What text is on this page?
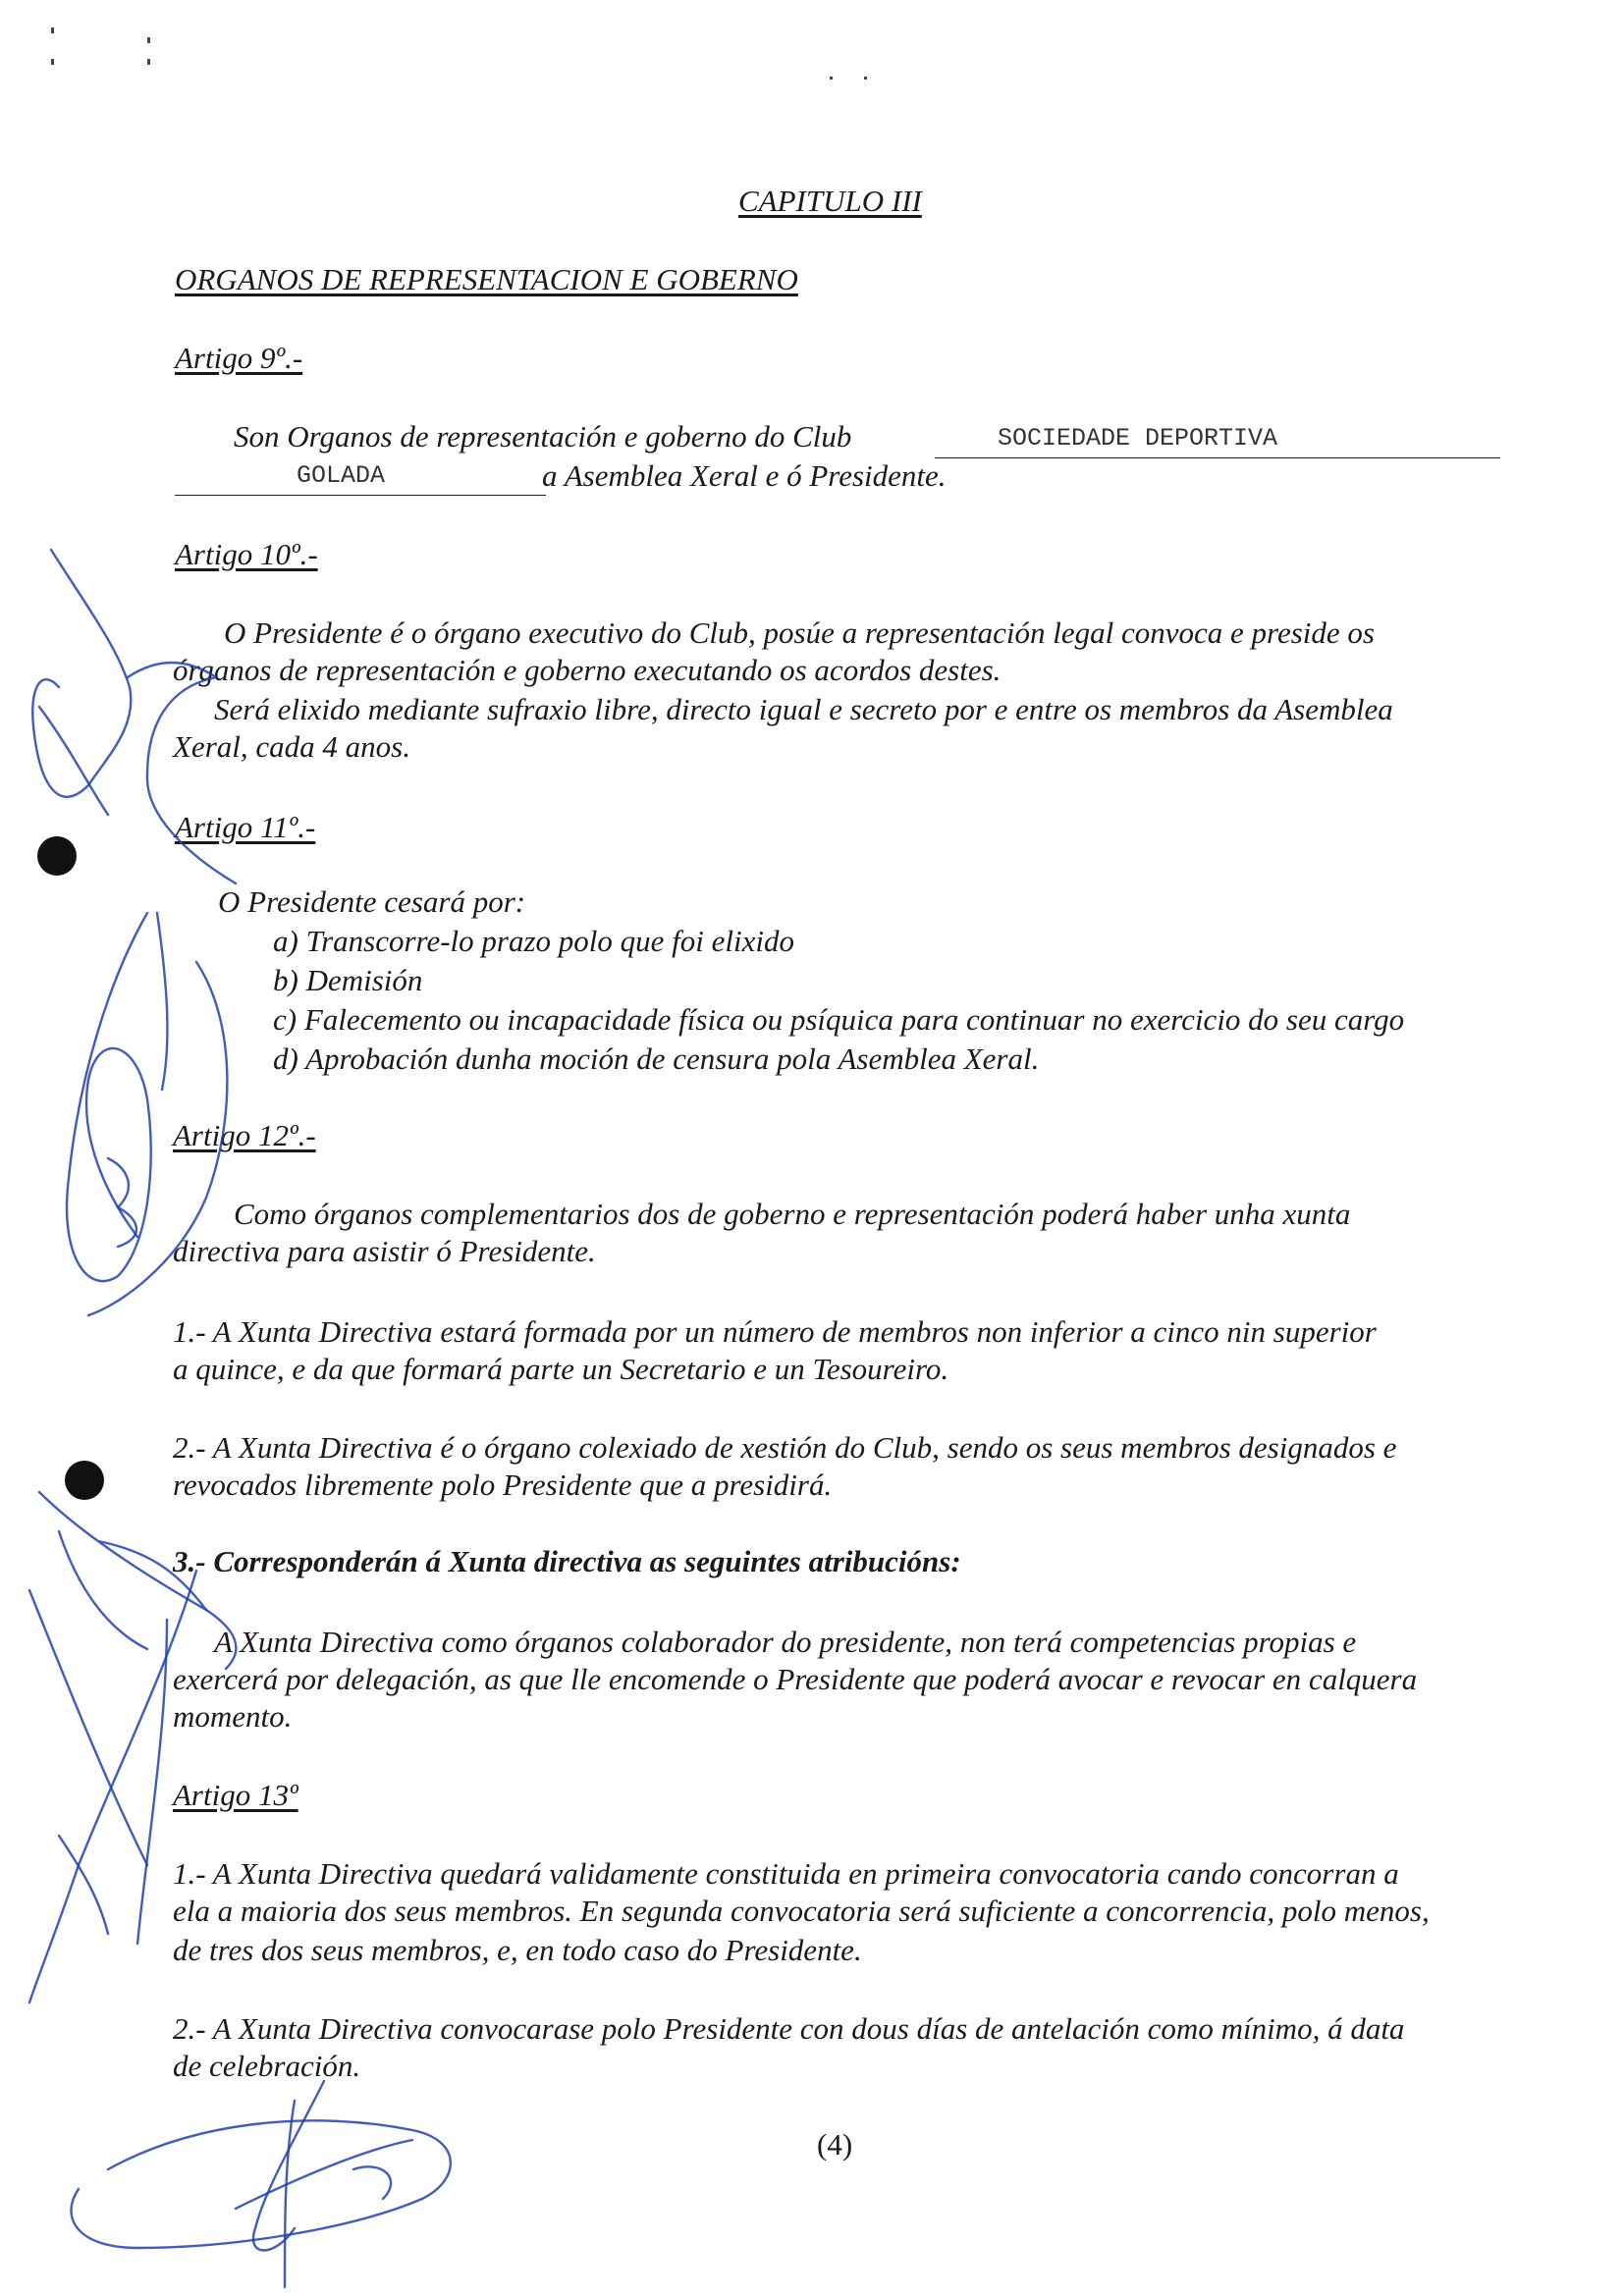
CAPITULO III
ORGANOS DE REPRESENTACION E GOBERNO
Artigo 9º.-
Son Organos de representación e goberno do Club	SOCIEDADE DEPORTIVA
GOLADA	a Asemblea Xeral e ó Presidente.
Artigo 10º.-
O Presidente é o órgano executivo do Club, posúe a representación legal convoca e preside os
órganos de representación e goberno executando os acordos destes.
Será elixido mediante sufraxio libre, directo igual e secreto por e entre os membros da Asemblea
Xeral, cada 4 anos.
Artigo 11º.-
O Presidente cesará por:
a) Transcorre-lo prazo polo que foi elixido
b) Demisión
c) Falecemento ou incapacidade física ou psíquica para continuar no exercicio do seu cargo
d) Aprobación dunha moción de censura pola Asemblea Xeral.
Artigo 12º.-
Como órganos complementarios dos de goberno e representación poderá haber unha xunta
directiva para asistir ó Presidente.
1.- A Xunta Directiva estará formada por un número de membros non inferior a cinco nin superior
a quince, e da que formará parte un Secretario e un Tesoureiro.
2.- A Xunta Directiva é o órgano colexiado de xestión do Club, sendo os seus membros designados e
revocados libremente polo Presidente que a presidirá.
3.- Corresponderán á Xunta directiva as seguintes atribucións:
A Xunta Directiva como órganos colaborador do presidente, non terá competencias propias e
exercerá por delegación, as que lle encomende o Presidente que poderá avocar e revocar en calquera
momento.
Artigo 13º
1.- A Xunta Directiva quedará validamente constituida en primeira convocatoria cando concorran a
ela a maioria dos seus membros. En segunda convocatoria será suficiente a concorrencia, polo menos,
de tres dos seus membros, e, en todo caso do Presidente.
2.- A Xunta Directiva convocarase polo Presidente con dous días de antelación como mínimo, á data
de celebración.
(4)
